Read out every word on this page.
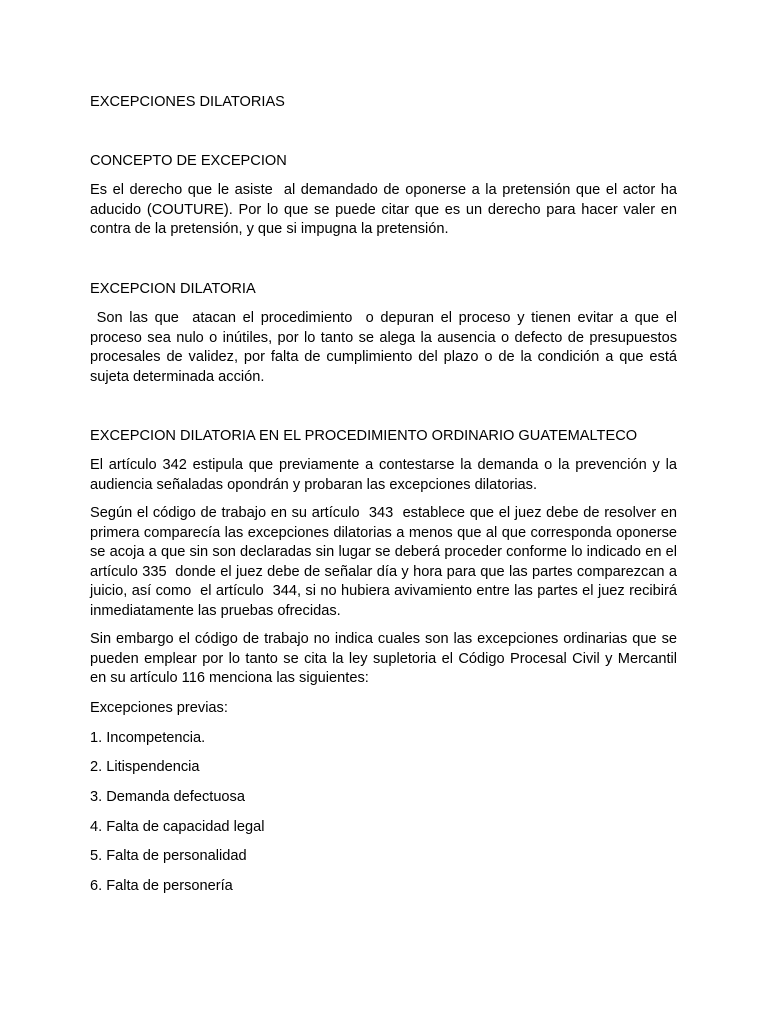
EXCEPCIONES DILATORIAS

CONCEPTO DE EXCEPCION

Es el derecho que le asiste  al demandado de oponerse a la pretensión que el actor ha aducido (COUTURE). Por lo que se puede citar que es un derecho para hacer valer en contra de la pretensión, y que si impugna la pretensión.

EXCEPCION DILATORIA

Son las que  atacan el procedimiento  o depuran el proceso y tienen evitar a que el proceso sea nulo o inútiles, por lo tanto se alega la ausencia o defecto de presupuestos procesales de validez, por falta de cumplimiento del plazo o de la condición a que está sujeta determinada acción.

EXCEPCION DILATORIA EN EL PROCEDIMIENTO ORDINARIO GUATEMALTECO

El artículo 342 estipula que previamente a contestarse la demanda o la prevención y la audiencia señaladas opondrán y probaran las excepciones dilatorias.

Según el código de trabajo en su artículo  343  establece que el juez debe de resolver en primera comparecía las excepciones dilatorias a menos que al que corresponda oponerse se acoja a que sin son declaradas sin lugar se deberá proceder conforme lo indicado en el artículo 335  donde el juez debe de señalar día y hora para que las partes comparezcan a juicio, así como  el artículo  344, si no hubiera avivamiento entre las partes el juez recibirá inmediatamente las pruebas ofrecidas.

Sin embargo el código de trabajo no indica cuales son las excepciones ordinarias que se pueden emplear por lo tanto se cita la ley supletoria el Código Procesal Civil y Mercantil en su artículo 116 menciona las siguientes:

Excepciones previas:

1. Incompetencia.

2. Litispendencia

3. Demanda defectuosa

4. Falta de capacidad legal

5. Falta de personalidad

6. Falta de personería
